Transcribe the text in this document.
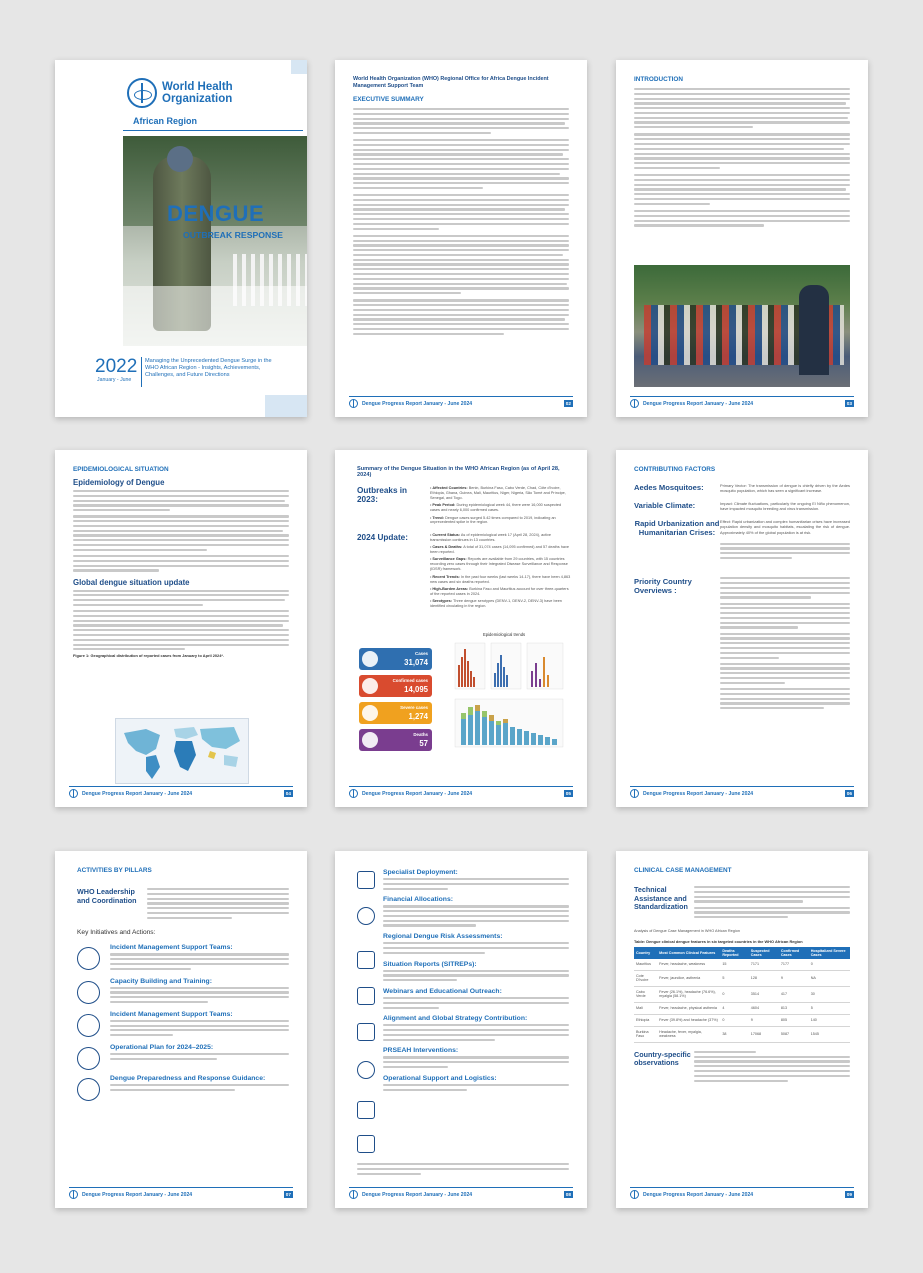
World Health
Organization
African Region
DENGUE
OUTBREAK RESPONSE
2022
January - June
Managing the Unprecedented Dengue Surge in the WHO African Region - Insights, Achievements, Challenges, and Future Directions
World Health Organization (WHO) Regional Office for Africa Dengue Incident Management Support Team
EXECUTIVE SUMMARY
Dengue Progress Report January - June 2024	02
INTRODUCTION
Dengue Progress Report January - June 2024	03
EPIDEMIOLOGICAL SITUATION
Epidemiology of Dengue
Global dengue situation update
Figure 1: Geographical distribution of reported cases from January to April 2024*.
Dengue Progress Report January - June 2024	04
Summary of the Dengue Situation in the WHO African Region (as of April 28, 2024)
Outbreaks in 2023:
• Affected Countries: Benin, Burkina Faso, Cabo Verde, Chad, Côte d'Ivoire, Ethiopia, Ghana, Guinea, Mali, Mauritius, Niger, Nigeria, São Tomé and Príncipe, Senegal, and Togo.
• Peak Period: During epidemiological week 44, there were 16,000 suspected cases and nearly 6,000 confirmed cases.
• Trend: Dengue cases surged 5.42 times compared to 2019, indicating an unprecedented spike in the region.
2024 Update:	• Current Status: As of epidemiological week 17 (April 28, 2024), active transmission continues in 13 countries.
• Cases & Deaths: A total of 31,074 cases (14,095 confirmed) and 57 deaths have been reported.
• Surveillance Gaps: Reports are available from 29 countries, with 15 countries recording zero cases through their Integrated Disease Surveillance and Response (IDSR) framework.
• Recent Trends: In the past four weeks (last weeks 14-17), there have been 4,863 new cases and six deaths reported.
• High-Burden Areas: Burkina Faso and Mauritius account for over three-quarters of the reported cases in 2024.
• Serotypes: Three dengue serotypes (DENV-1, DENV-2, DENV-3) have been identified circulating in the region.
Cases
31,074
Confirmed cases
14,095
Severe cases
1,274
Deaths
57
Epidemiological trends
Dengue Progress Report January - June 2024	05
CONTRIBUTING FACTORS
Aedes Mosquitoes:	Primary Vector: The transmission of dengue is chiefly driven by the Aedes mosquito population, which has seen a significant increase.
Variable Climate:	Impact: Climate fluctuations, particularly the ongoing El Niño phenomenon, have impacted mosquito breeding and virus transmission.
Rapid Urbanization and Humanitarian Crises:
Effect: Rapid urbanization and complex humanitarian crises have increased population density and mosquito habitats, escalating the risk of dengue. Approximately 40% of the global population is at risk.
Priority Country Overviews :
Dengue Progress Report January - June 2024	06
ACTIVITIES BY PILLARS
WHO Leadership and Coordination
Key Initiatives and Actions:
Incident Management Support Teams:
Capacity Building and Training:
Incident Management Support Teams:
Operational Plan for 2024–2025:
Dengue Preparedness and Response Guidance:
Dengue Progress Report January - June 2024	07
Specialist Deployment:
Financial Allocations:
Regional Dengue Risk Assessments:
Situation Reports (SITREPs):
Webinars and Educational Outreach:
Alignment and Global Strategy Contribution:
PRSEAH Interventions:
Operational Support and Logistics:
Dengue Progress Report January - June 2024	08
CLINICAL CASE MANAGEMENT
Technical Assistance and Standardization
Analysis of Dengue Case Management in WHO African Region
Table: Dengue clinical dengue features in six targeted countries in the WHO African Region
Country	Most Common Clinical Features	Deaths Reported	Suspected Cases	Confirmed Cases	Hospitalized Severe Cases
Mauritius	Fever, headache, weakness	15	7171	7177	0
Cote D'Ivoire	Fever, jaundice, asthenia	5	128	9	NA
Cabo Verde	Fever (26.1%), headache (76.6%), myalgia (58.1%)	0	3514	417	30
Mali	Fever, headache, physical asthenia	4	4604	813	5
Ethiopia	Fever (39.8%) and headache (37%)	0	9	805	140
Burkina Faso	Headache, fever, myalgia, weakness	38	17068	5087	1545
Country-specific observations
Dengue Progress Report January - June 2024	09
